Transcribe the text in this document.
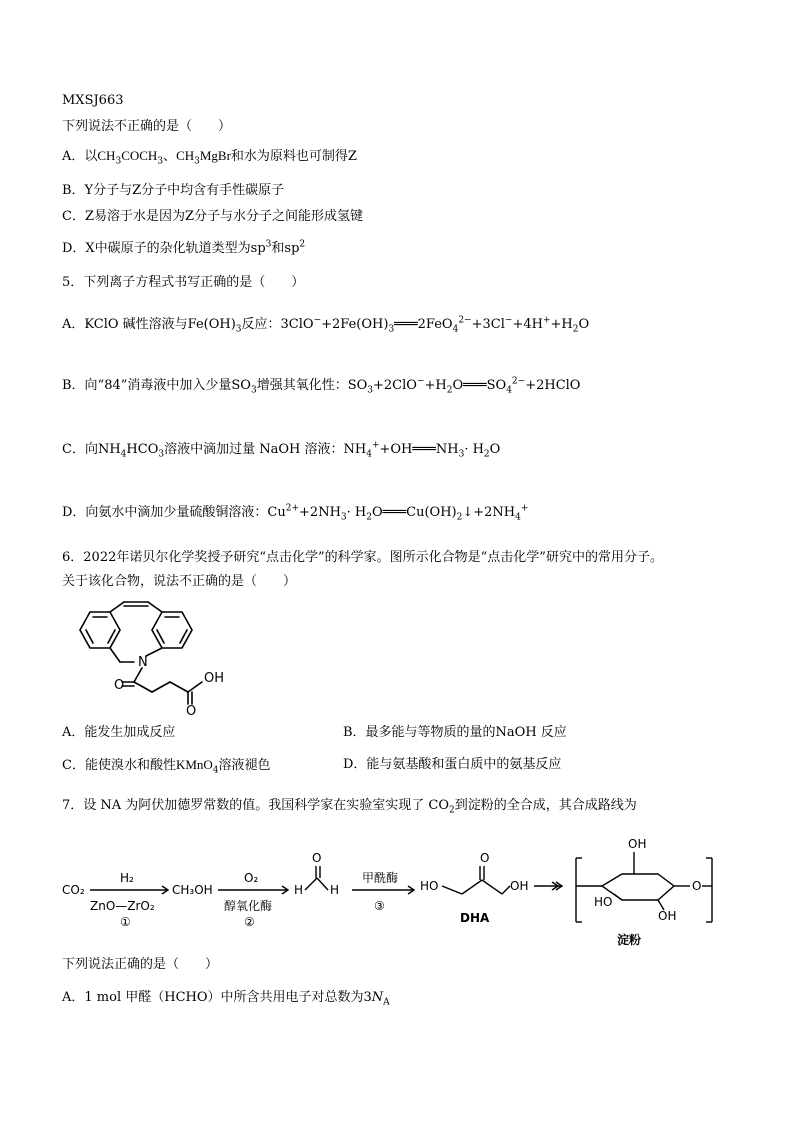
MXSJ663
下列说法不正确的是（　　）
A．以$CH_3COCH_3$、$CH_3MgBr$和水为原料也可制得Z
B．Y分子与Z分子中均含有手性碳原子
C．Z易溶于水是因为Z分子与水分子之间能形成氢键
D．X中碳原子的杂化轨道类型为$sp^3$和$sp^2$
5．下列离子方程式书写正确的是（　　）
A．KClO 碱性溶液与$Fe(OH)_3$反应：$3ClO^-+2Fe(OH)_3═══2FeO_4^{2-}+3Cl^-+4H^++H_2O$
B．向“84”消毒液中加入少量$SO_3$增强其氧化性：$SO_3+2ClO^-+H_2O═══SO_4^{2-}+2HClO$
C．向$NH_4HCO_3$溶液中滴加过量 NaOH 溶液：$NH_4^++OH═══NH_3\cdot H_2O$
D．向氨水中滴加少量硫酸铜溶液：$Cu^{2+}+2NH_3\cdot$ $H_2O═══Cu(OH)_2↓+2NH_4^+$
6．2022年诺贝尔化学奖授予研究“点击化学”的科学家。图所示化合物是“点击化学”研究中的常用分子。
关于该化合物，说法不正确的是（　　）
N
O
O
OH
A．能发生加成反应	B．最多能与等物质的量的NaOH 反应
C．能使溴水和酸性KMnO$_4$溶液褪色	D．能与氨基酸和蛋白质中的氨基反应
7．设 NA 为阿伏加德罗常数的值。我国科学家在实验室实现了 $CO_2$到淀粉的全合成，其合成路线为
CO₂
H₂
ZnO—ZrO₂
①
CH₃OH
O₂
醇氧化酶
②
H
O
H
甲酰酶
③
HO
O
OH
DHA
OH
HO
OH
O
淀粉
下列说法正确的是（　　）
A．1 mol 甲醛（HCHO）中所含共用电子对总数为$3N_A$
